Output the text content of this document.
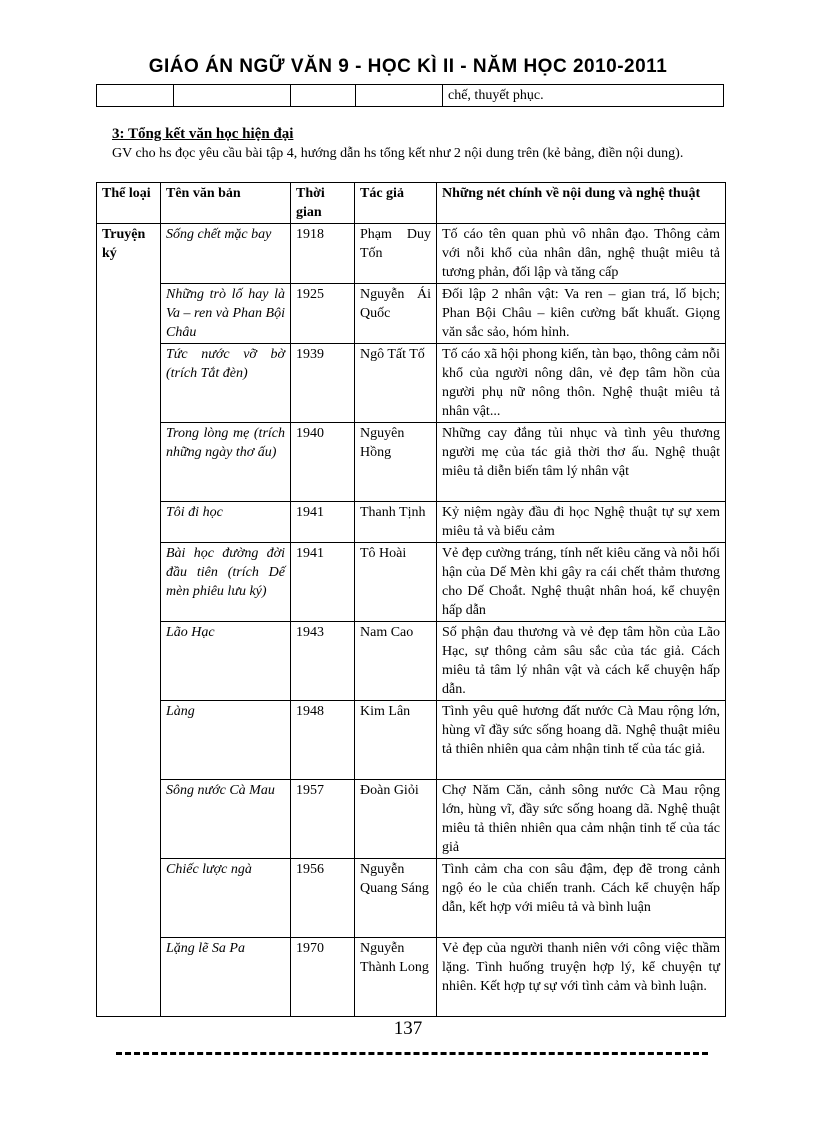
GIÁO ÁN NGỮ VĂN 9 - HỌC KÌ II - NĂM HỌC 2010-2011
				chế, thuyết phục.
3: Tổng kết văn học hiện đại
GV cho hs đọc yêu cầu bài tập 4, hướng dẫn hs tổng kết như 2 nội dung trên (kẻ bảng, điền nội dung).
Thể loại	Tên văn bản	Thời gian	Tác giả	Những nét chính về nội dung và nghệ thuật
Truyện ký	Sống chết mặc bay	1918	Phạm Duy Tốn	Tố cáo tên quan phủ vô nhân đạo. Thông cảm với nỗi khổ của nhân dân, nghệ thuật miêu tả tương phản, đối lập và tăng cấp
	Những trò lố hay là Va – ren và Phan Bội Châu	1925	Nguyễn Ái Quốc	Đối lập 2 nhân vật: Va ren – gian trá, lố bịch; Phan Bội Châu – kiên cường bất khuất. Giọng văn sắc sảo, hóm hỉnh.
	Tức nước vỡ bờ (trích Tắt đèn)	1939	Ngô Tất Tố	Tố cáo xã hội phong kiến, tàn bạo, thông cảm nỗi khổ của người nông dân, vẻ đẹp tâm hồn của người phụ nữ nông thôn. Nghệ thuật miêu tả nhân vật...
	Trong lòng mẹ (trích những ngày thơ ấu)	1940	Nguyên Hồng	Những cay đắng tủi nhục và tình yêu thương người mẹ của tác giả thời thơ ấu. Nghệ thuật miêu tả diễn biến tâm lý nhân vật
	Tôi đi học	1941	Thanh Tịnh	Kỷ niệm ngày đầu đi học Nghệ thuật tự sự xem miêu tả và biểu cảm
	Bài học đường đời đầu tiên (trích Dế mèn phiêu lưu ký)	1941	Tô Hoài	Vẻ đẹp cường tráng, tính nết kiêu căng và nỗi hối hận của Dế Mèn khi gây ra cái chết thảm thương cho Dế Choắt. Nghệ thuật nhân hoá, kể chuyện hấp dẫn
	Lão Hạc	1943	Nam Cao	Số phận đau thương và vẻ đẹp tâm hồn của Lão Hạc, sự thông cảm sâu sắc của tác giả. Cách miêu tả tâm lý nhân vật và cách kể chuyện hấp dẫn.
	Làng	1948	Kim Lân	Tình yêu quê hương đất nước Cà Mau rộng lớn, hùng vĩ đầy sức sống hoang dã. Nghệ thuật miêu tả thiên nhiên qua cảm nhận tinh tế của tác giả.
	Sông nước Cà Mau	1957	Đoàn Giỏi	Chợ Năm Căn, cảnh sông nước Cà Mau rộng lớn, hùng vĩ, đầy sức sống hoang dã. Nghệ thuật miêu tả thiên nhiên qua cảm nhận tinh tế của tác giả
	Chiếc lược ngà	1956	Nguyễn Quang Sáng	Tình cảm cha con sâu đậm, đẹp đẽ trong cảnh ngộ éo le của chiến tranh. Cách kể chuyện hấp dẫn, kết hợp với miêu tả và bình luận
	Lặng lẽ Sa Pa	1970	Nguyễn Thành Long	Vẻ đẹp của người thanh niên với công việc thầm lặng. Tình huống truyện hợp lý, kể chuyện tự nhiên. Kết hợp tự sự với tình cảm và bình luận.
137
